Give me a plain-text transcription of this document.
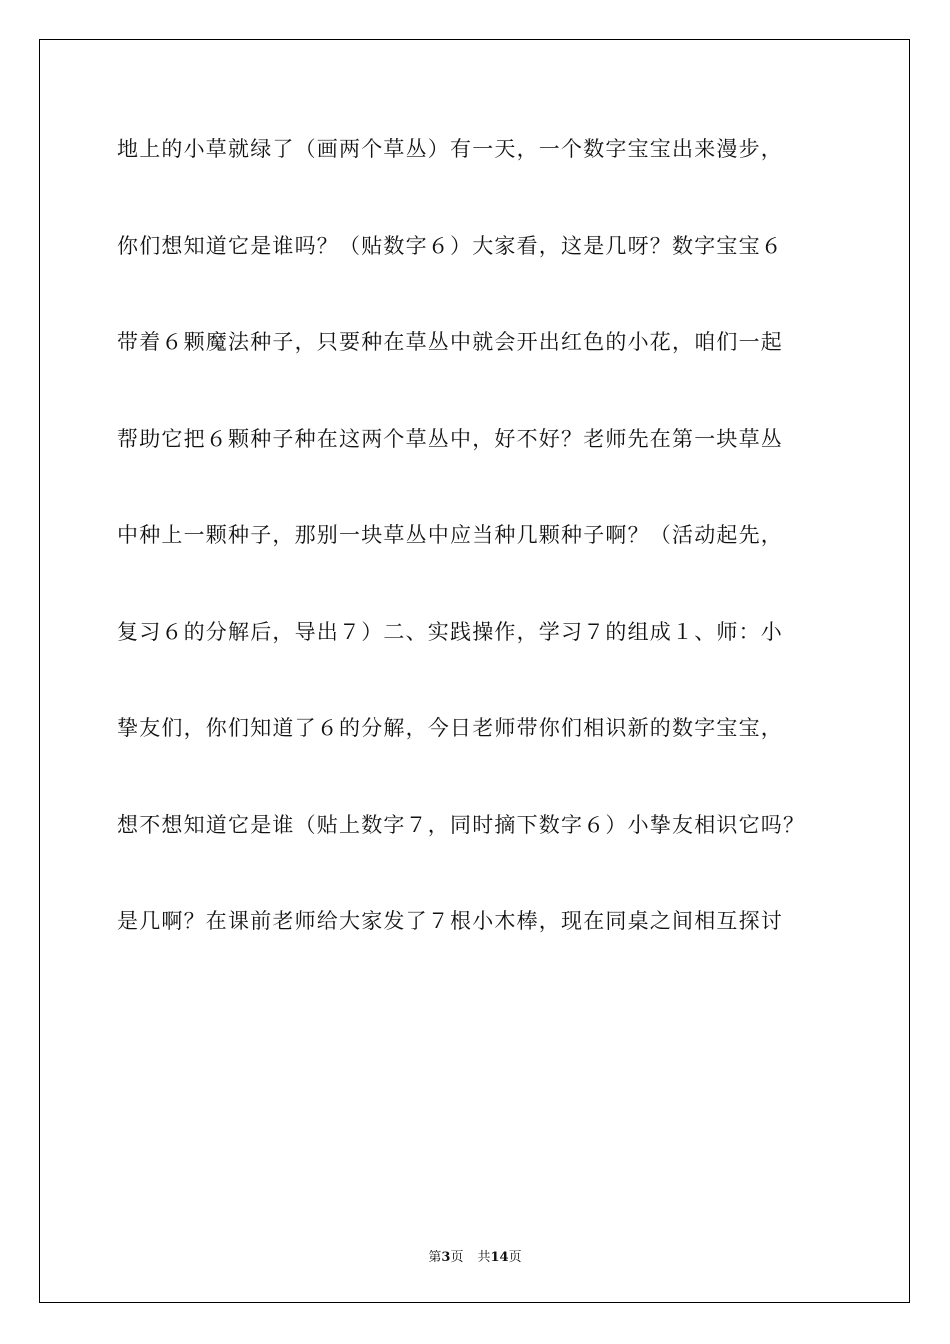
地上的小草就绿了（画两个草丛）有一天，一个数字宝宝出来漫步，
你们想知道它是谁吗？（贴数字６）大家看，这是几呀？数字宝宝６
带着６颗魔法种子，只要种在草丛中就会开出红色的小花，咱们一起
帮助它把６颗种子种在这两个草丛中，好不好？老师先在第一块草丛
中种上一颗种子，那别一块草丛中应当种几颗种子啊？（活动起先，
复习６的分解后，导出７）二、实践操作，学习７的组成１、师：小
挚友们，你们知道了６的分解，今日老师带你们相识新的数字宝宝，
想不想知道它是谁（贴上数字７，同时摘下数字６）小挚友相识它吗？
是几啊？在课前老师给大家发了７根小木棒，现在同桌之间相互探讨
第3页 共14页
